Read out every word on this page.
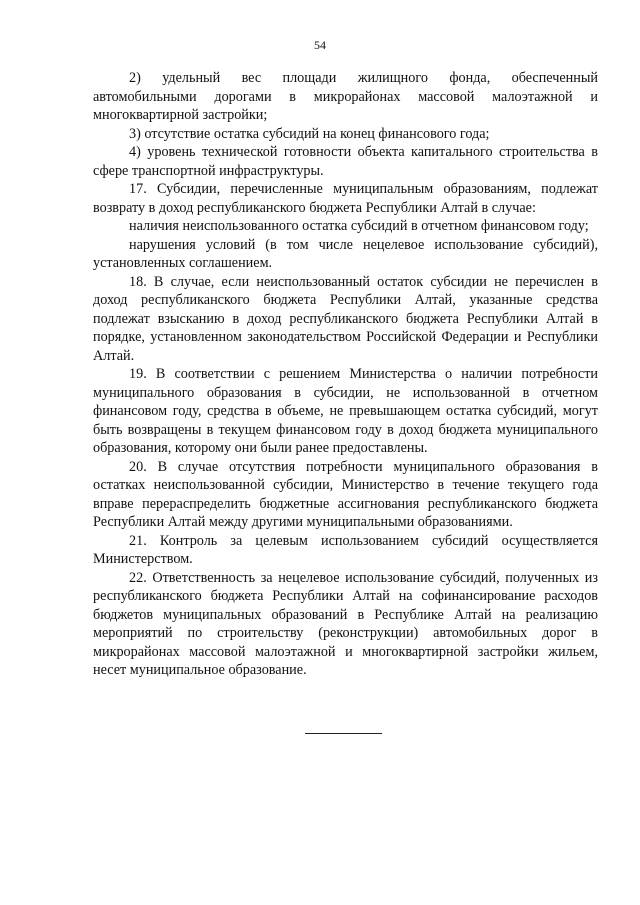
54

2) удельный вес площади жилищного фонда, обеспеченный автомобильными дорогами в микрорайонах массовой малоэтажной и многоквартирной застройки;

3) отсутствие остатка субсидий на конец финансового года;

4) уровень технической готовности объекта капитального строительства в сфере транспортной инфраструктуры.

17. Субсидии, перечисленные муниципальным образованиям, подлежат возврату в доход республиканского бюджета Республики Алтай в случае:

наличия неиспользованного остатка субсидий в отчетном финансовом году;

нарушения условий (в том числе нецелевое использование субсидий), установленных соглашением.

18. В случае, если неиспользованный остаток субсидии не перечислен в доход республиканского бюджета Республики Алтай, указанные средства подлежат взысканию в доход республиканского бюджета Республики Алтай в порядке, установленном законодательством Российской Федерации и Республики Алтай.

19. В соответствии с решением Министерства о наличии потребности муниципального образования в субсидии, не использованной в отчетном финансовом году, средства в объеме, не превышающем остатка субсидий, могут быть возвращены в текущем финансовом году в доход бюджета муниципального образования, которому они были ранее предоставлены.

20. В случае отсутствия потребности муниципального образования в остатках неиспользованной субсидии, Министерство в течение текущего года вправе перераспределить бюджетные ассигнования республиканского бюджета Республики Алтай между другими муниципальными образованиями.

21. Контроль за целевым использованием субсидий осуществляется Министерством.

22. Ответственность за нецелевое использование субсидий, полученных из республиканского бюджета Республики Алтай на софинансирование расходов бюджетов муниципальных образований в Республике Алтай на реализацию мероприятий по строительству (реконструкции) автомобильных дорог в микрорайонах массовой малоэтажной и многоквартирной застройки жильем, несет муниципальное образование.
